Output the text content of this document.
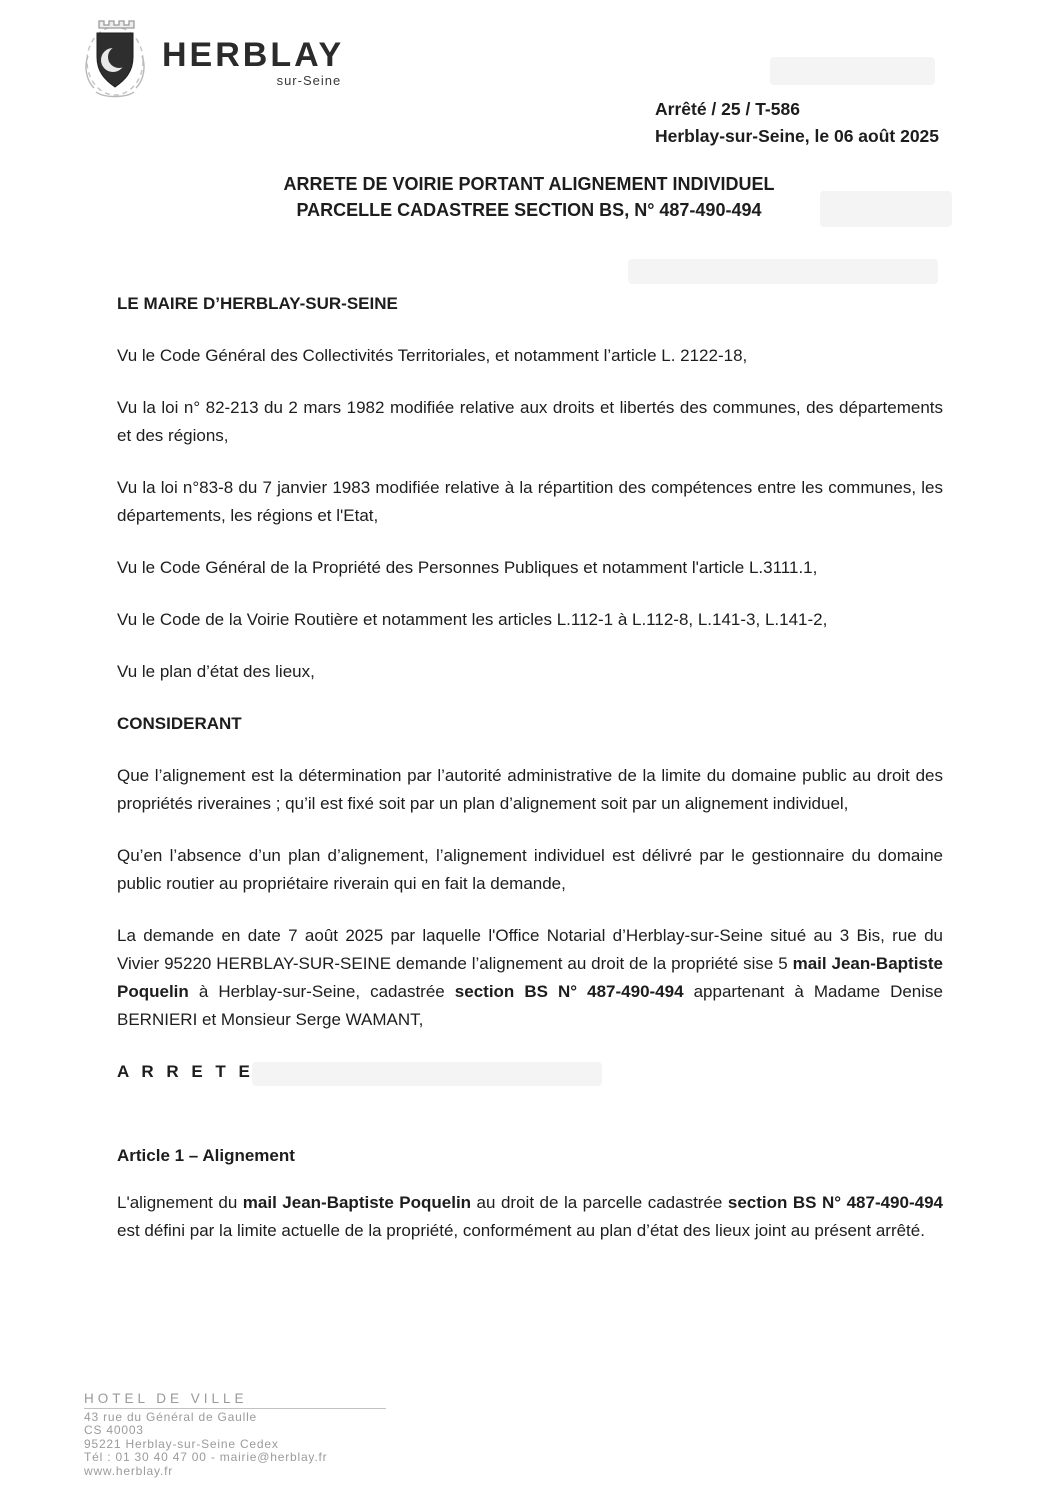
HERBLAY
sur-Seine
Arrêté / 25 / T-586
Herblay-sur-Seine, le 06 août 2025
ARRETE DE VOIRIE PORTANT ALIGNEMENT INDIVIDUEL
PARCELLE CADASTREE SECTION BS, N° 487-490-494

LE MAIRE D’HERBLAY-SUR-SEINE

Vu le Code Général des Collectivités Territoriales, et notamment l’article L. 2122-18,

Vu la loi n° 82-213 du 2 mars 1982 modifiée relative aux droits et libertés des communes, des départements et des régions,

Vu la loi n°83-8 du 7 janvier 1983 modifiée relative à la répartition des compétences entre les communes, les départements, les régions et l'Etat,

Vu le Code Général de la Propriété des Personnes Publiques et notamment l'article L.3111.1,

Vu le Code de la Voirie Routière et notamment les articles L.112-1 à L.112-8, L.141-3, L.141-2,

Vu le plan d’état des lieux,

CONSIDERANT

Que l’alignement est la détermination par l’autorité administrative de la limite du domaine public au droit des propriétés riveraines ; qu’il est fixé soit par un plan d’alignement soit par un alignement individuel,

Qu’en l’absence d’un plan d’alignement, l’alignement individuel est délivré par le gestionnaire du domaine public routier au propriétaire riverain qui en fait la demande,

La demande en date 7 août 2025 par laquelle l'Office Notarial d’Herblay-sur-Seine situé au 3 Bis, rue du Vivier 95220 HERBLAY-SUR-SEINE demande l’alignement au droit de la propriété sise 5 mail Jean-Baptiste Poquelin à Herblay-sur-Seine, cadastrée section BS N° 487-490-494 appartenant à Madame Denise BERNIERI et Monsieur Serge WAMANT,

A R R E T E

Article 1 – Alignement

L'alignement du mail Jean-Baptiste Poquelin au droit de la parcelle cadastrée section BS N° 487-490-494 est défini par la limite actuelle de la propriété, conformément au plan d’état des lieux joint au présent arrêté.

HOTEL DE VILLE
43 rue du Général de Gaulle
CS 40003
95221 Herblay-sur-Seine Cedex
Tél : 01 30 40 47 00 - mairie@herblay.fr
www.herblay.fr
